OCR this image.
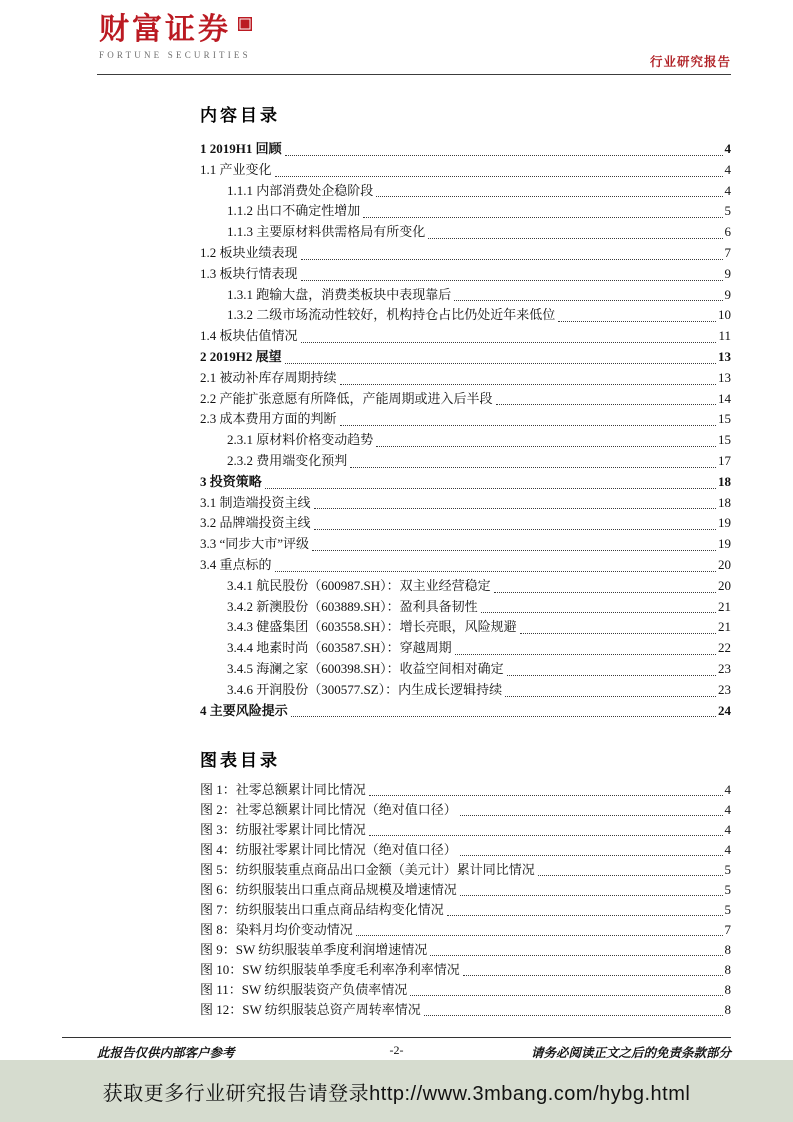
财富证券
FORTUNE SECURITIES	行业研究报告
内容目录
1 2019H1 回顾	4
1.1 产业变化	4
1.1.1 内部消费处企稳阶段	4
1.1.2 出口不确定性增加	5
1.1.3 主要原材料供需格局有所变化	6
1.2 板块业绩表现	7
1.3 板块行情表现	9
1.3.1 跑输大盘，消费类板块中表现靠后	9
1.3.2 二级市场流动性较好，机构持仓占比仍处近年来低位	10
1.4 板块估值情况	11
2 2019H2 展望	13
2.1 被动补库存周期持续	13
2.2 产能扩张意愿有所降低，产能周期或进入后半段	14
2.3 成本费用方面的判断	15
2.3.1 原材料价格变动趋势	15
2.3.2 费用端变化预判	17
3 投资策略	18
3.1 制造端投资主线	18
3.2 品牌端投资主线	19
3.3 “同步大市”评级	19
3.4 重点标的	20
3.4.1 航民股份（600987.SH）：双主业经营稳定	20
3.4.2 新澳股份（603889.SH）：盈利具备韧性	21
3.4.3 健盛集团（603558.SH）：增长亮眼，风险规避	21
3.4.4 地素时尚（603587.SH）：穿越周期	22
3.4.5 海澜之家（600398.SH）：收益空间相对确定	23
3.4.6 开润股份（300577.SZ）：内生成长逻辑持续	23
4 主要风险提示	24
图表目录
图 1：社零总额累计同比情况	4
图 2：社零总额累计同比情况（绝对值口径）	4
图 3：纺服社零累计同比情况	4
图 4：纺服社零累计同比情况（绝对值口径）	4
图 5：纺织服装重点商品出口金额（美元计）累计同比情况	5
图 6：纺织服装出口重点商品规模及增速情况	5
图 7：纺织服装出口重点商品结构变化情况	5
图 8：染料月均价变动情况	7
图 9：SW 纺织服装单季度利润增速情况	8
图 10：SW 纺织服装单季度毛利率净利率情况	8
图 11：SW 纺织服装资产负债率情况	8
图 12：SW 纺织服装总资产周转率情况	8
此报告仅供内部客户参考	-2-	请务必阅读正文之后的免责条款部分
获取更多行业研究报告请登录http://www.3mbang.com/hybg.html
